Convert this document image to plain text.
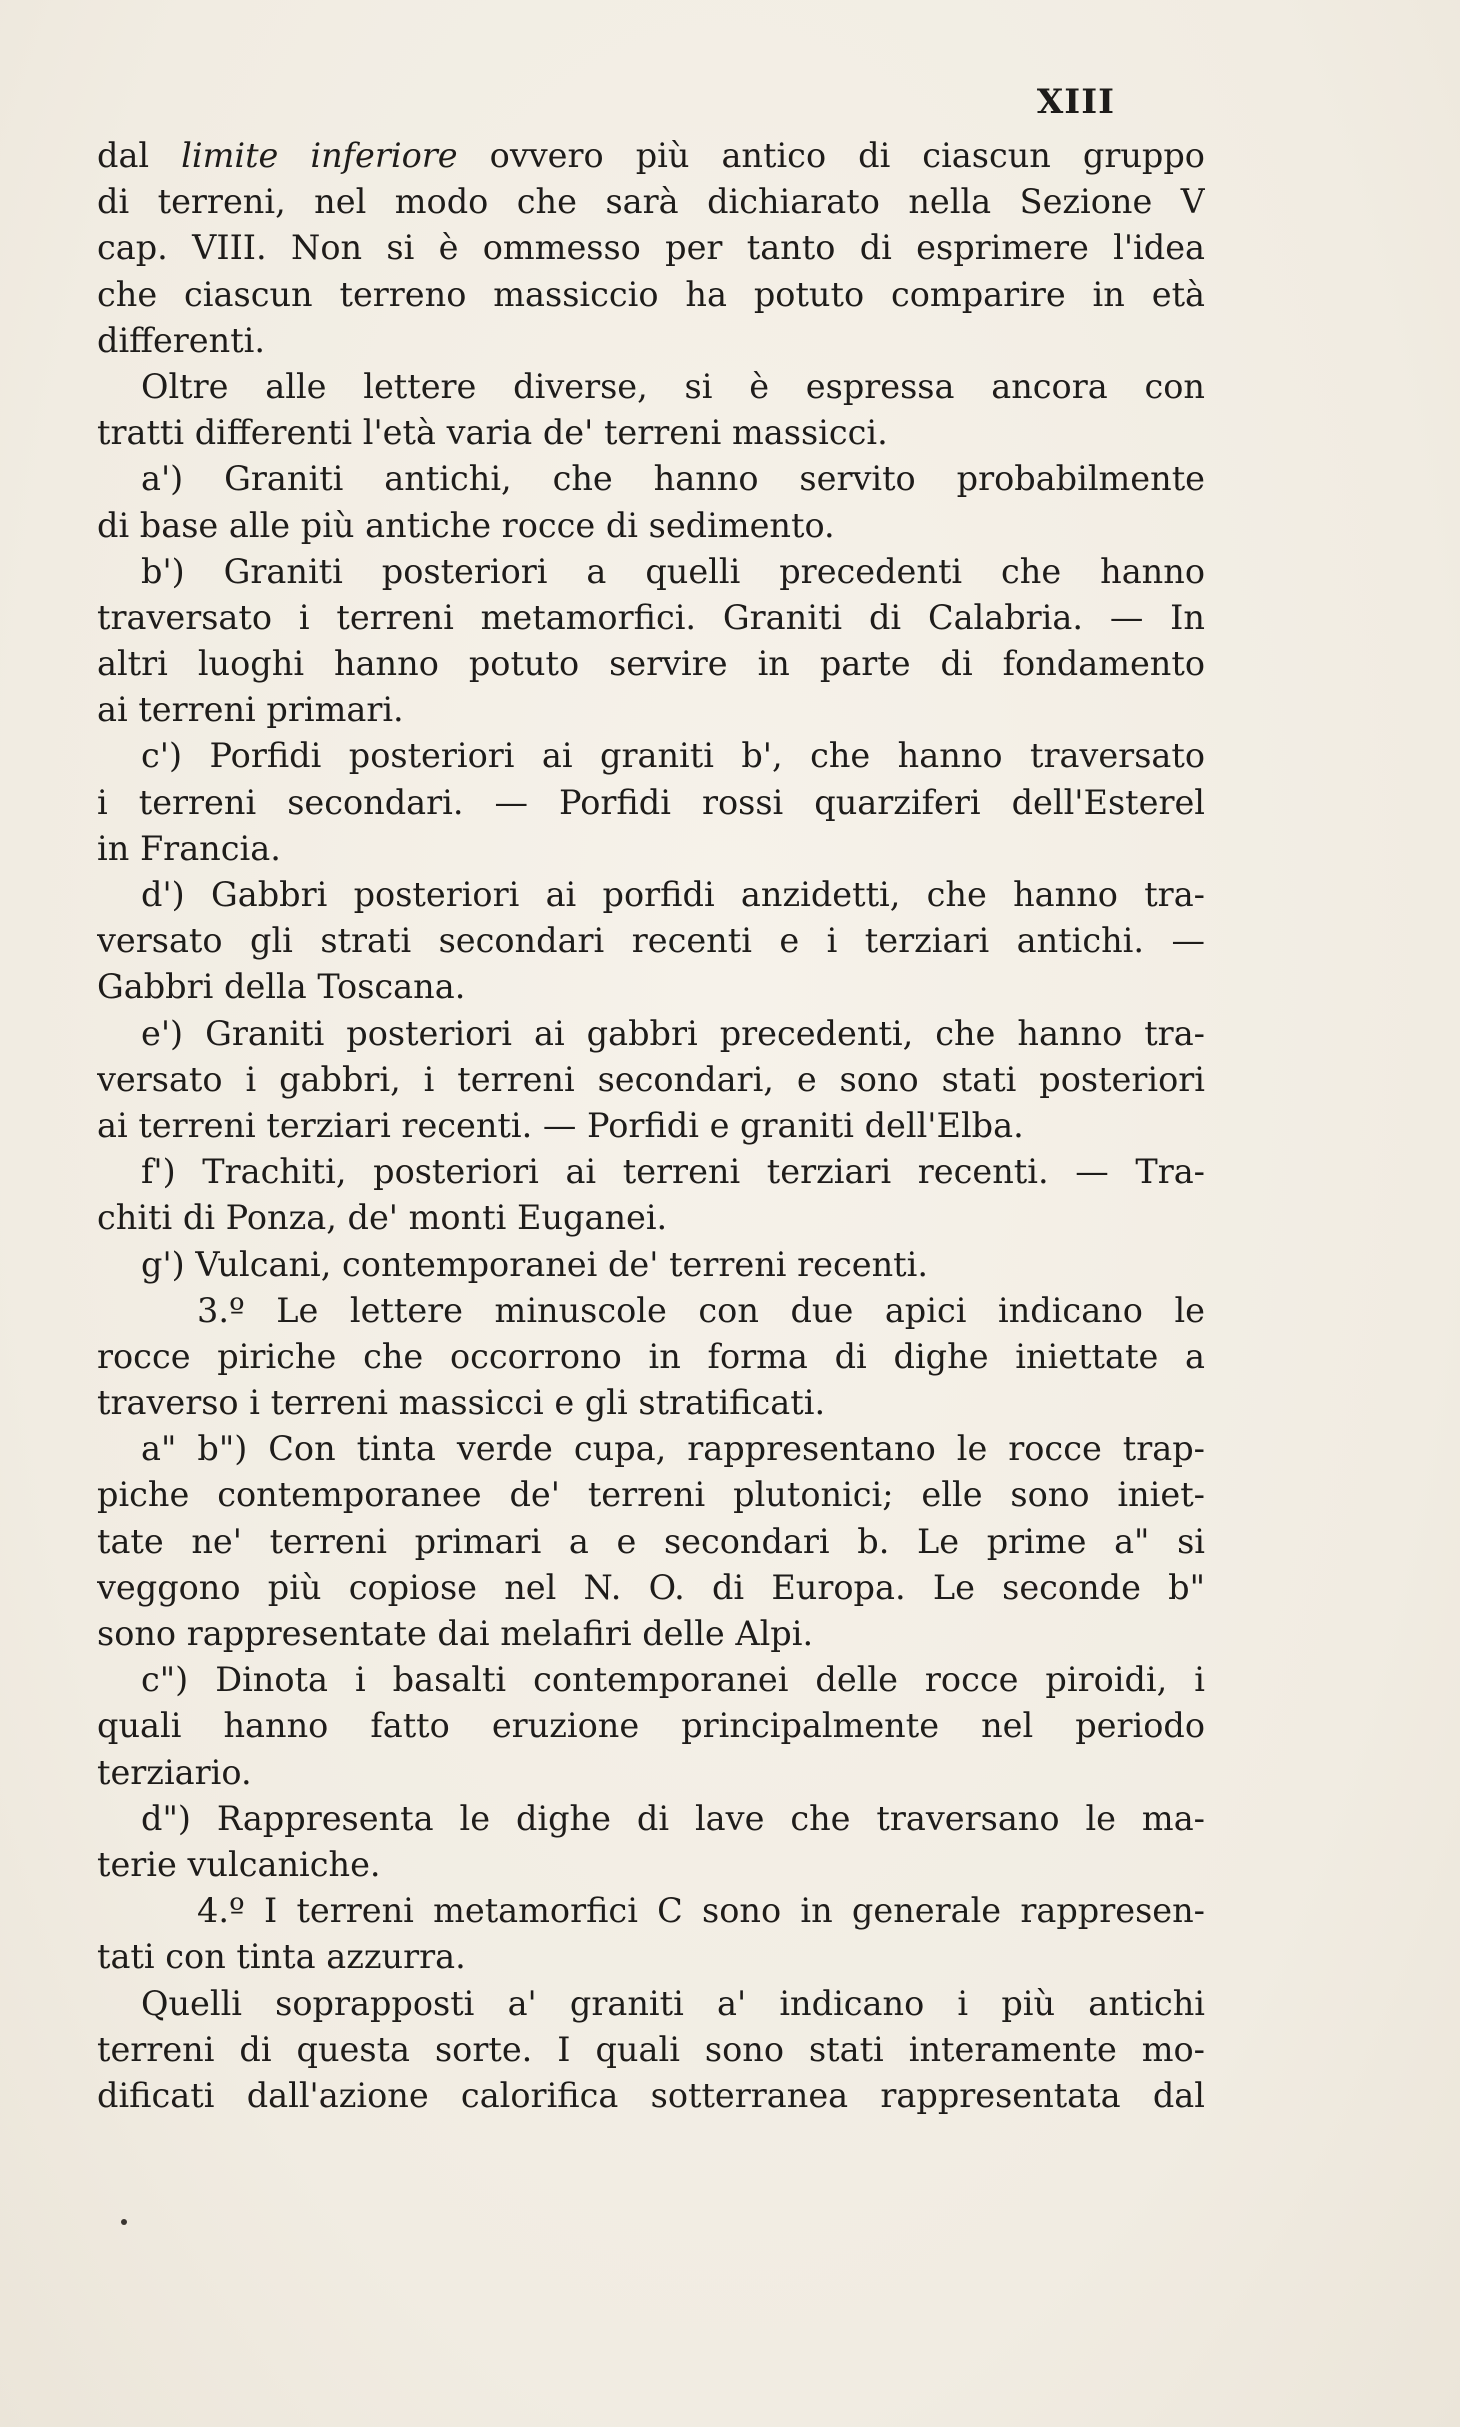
XIII
dal limite inferiore ovvero più antico di ciascun gruppo
di terreni, nel modo che sarà dichiarato nella Sezione V
cap. VIII. Non si è ommesso per tanto di esprimere l'idea
che ciascun terreno massiccio ha potuto comparire in età
differenti.
Oltre alle lettere diverse, si è espressa ancora con
tratti differenti l'età varia de' terreni massicci.
a') Graniti antichi, che hanno servito probabilmente
di base alle più antiche rocce di sedimento.
b') Graniti posteriori a quelli precedenti che hanno
traversato i terreni metamorfici. Graniti di Calabria. — In
altri luoghi hanno potuto servire in parte di fondamento
ai terreni primari.
c') Porfidi posteriori ai graniti b', che hanno traversato
i terreni secondari. — Porfidi rossi quarziferi dell'Esterel
in Francia.
d') Gabbri posteriori ai porfidi anzidetti, che hanno tra-
versato gli strati secondari recenti e i terziari antichi. —
Gabbri della Toscana.
e') Graniti posteriori ai gabbri precedenti, che hanno tra-
versato i gabbri, i terreni secondari, e sono stati posteriori
ai terreni terziari recenti. — Porfidi e graniti dell'Elba.
f') Trachiti, posteriori ai terreni terziari recenti. — Tra-
chiti di Ponza, de' monti Euganei.
g') Vulcani, contemporanei de' terreni recenti.
3.º Le lettere minuscole con due apici indicano le
rocce piriche che occorrono in forma di dighe iniettate a
traverso i terreni massicci e gli stratificati.
a" b") Con tinta verde cupa, rappresentano le rocce trap-
piche contemporanee de' terreni plutonici; elle sono iniet-
tate ne' terreni primari a e secondari b. Le prime a" si
veggono più copiose nel N. O. di Europa. Le seconde b"
sono rappresentate dai melafiri delle Alpi.
c") Dinota i basalti contemporanei delle rocce piroidi, i
quali hanno fatto eruzione principalmente nel periodo
terziario.
d") Rappresenta le dighe di lave che traversano le ma-
terie vulcaniche.
4.º I terreni metamorfici C sono in generale rappresen-
tati con tinta azzurra.
Quelli soprapposti a' graniti a' indicano i più antichi
terreni di questa sorte. I quali sono stati interamente mo-
dificati dall'azione calorifica sotterranea rappresentata dal
